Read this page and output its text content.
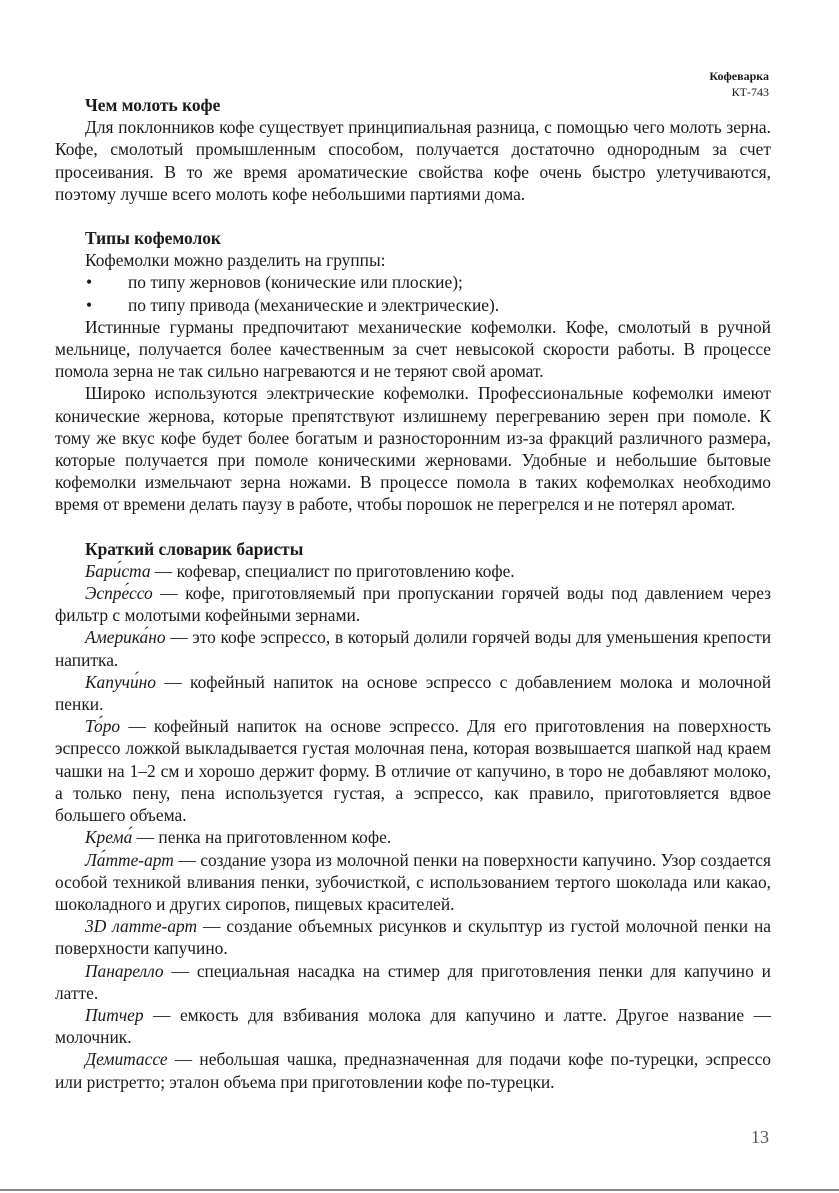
Кофеварка
КТ-743
Чем молоть кофе

Для поклонников кофе существует принципиальная разница, с помощью чего молоть зерна. Кофе, смолотый промышленным способом, получается достаточно однородным за счет просеивания. В то же время ароматические свойства кофе очень быстро улетучиваются, поэтому лучше всего молоть кофе небольшими партиями дома.

Типы кофемолок

Кофемолки можно разделить на группы:

• по типу жерновов (конические или плоские);
• по типу привода (механические и электрические).

Истинные гурманы предпочитают механические кофемолки. Кофе, смолотый в ручной мельнице, получается более качественным за счет невысокой скорости работы. В процессе помола зерна не так сильно нагреваются и не теряют свой аромат.

Широко используются электрические кофемолки. Профессиональные кофемолки имеют конические жернова, которые препятствуют излишнему перегреванию зерен при помоле. К тому же вкус кофе будет более богатым и разносторонним из-за фракций различного размера, которые получается при помоле коническими жерновами. Удобные и небольшие бытовые кофемолки измельчают зерна ножами. В процессе помола в таких кофемолках необходимо время от времени делать паузу в работе, чтобы порошок не перегрелся и не потерял аромат.

Краткий словарик баристы

Бари́ста — кофевар, специалист по приготовлению кофе.

Эспре́ссо — кофе, приготовляемый при пропускании горячей воды под давлением через фильтр с молотыми кофейными зернами.

Америка́но — это кофе эспрессо, в который долили горячей воды для уменьшения крепости напитка.

Капучи́но — кофейный напиток на основе эспрессо с добавлением молока и молочной пенки.

То́ро — кофейный напиток на основе эспрессо. Для его приготовления на поверхность эспрессо ложкой выкладывается густая молочная пена, которая возвышается шапкой над краем чашки на 1–2 см и хорошо держит форму. В отличие от капучино, в торо не добавляют молоко, а только пену, пена используется густая, а эспрессо, как правило, приготовляется вдвое большего объема.

Крема́ — пенка на приготовленном кофе.

Ла́тте-арт — создание узора из молочной пенки на поверхности капучино. Узор создается особой техникой вливания пенки, зубочисткой, с использованием тертого шоколада или какао, шоколадного и других сиропов, пищевых красителей.

3D латте-арт — создание объемных рисунков и скульптур из густой молочной пенки на поверхности капучино.

Панарелло — специальная насадка на стимер для приготовления пенки для капучино и латте.

Питчер — емкость для взбивания молока для капучино и латте. Другое название — молочник.

Демитассе — небольшая чашка, предназначенная для подачи кофе по-турецки, эспрессо или ристретто; эталон объема при приготовлении кофе по-турецки.

13
